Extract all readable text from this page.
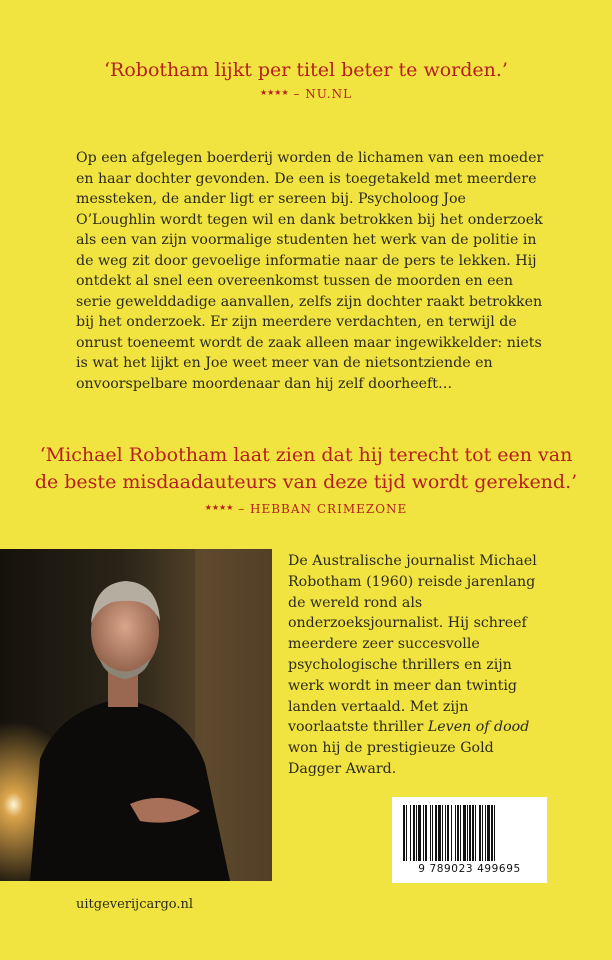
‘Robotham lijkt per titel beter te worden.’
★★★★ – NU.NL

Op een afgelegen boerderij worden de lichamen van een moeder en haar dochter gevonden. De een is toegetakeld met meerdere messteken, de ander ligt er sereen bij. Psycholoog Joe O’Loughlin wordt tegen wil en dank betrokken bij het onderzoek als een van zijn voormalige studenten het werk van de politie in de weg zit door gevoelige informatie naar de pers te lekken. Hij ontdekt al snel een overeenkomst tussen de moorden en een serie gewelddadige aanvallen, zelfs zijn dochter raakt betrokken bij het onderzoek. Er zijn meerdere verdachten, en terwijl de onrust toeneemt wordt de zaak alleen maar ingewikkelder: niets is wat het lijkt en Joe weet meer van de nietsontziende en onvoorspelbare moordenaar dan hij zelf doorheeft…

‘Michael Robotham laat zien dat hij terecht tot een van
de beste misdaadauteurs van deze tijd wordt gerekend.’
★★★★ – HEBBAN CRIMEZONE
De Australische journalist Michael Robotham (1960) reisde jarenlang de wereld rond als onderzoeksjournalist. Hij schreef meerdere zeer succesvolle psychologische thrillers en zijn werk wordt in meer dan twintig landen vertaald. Met zijn voorlaatste thriller Leven of dood won hij de prestigieuze Gold Dagger Award.
9 789023 499695
uitgeverijcargo.nl
